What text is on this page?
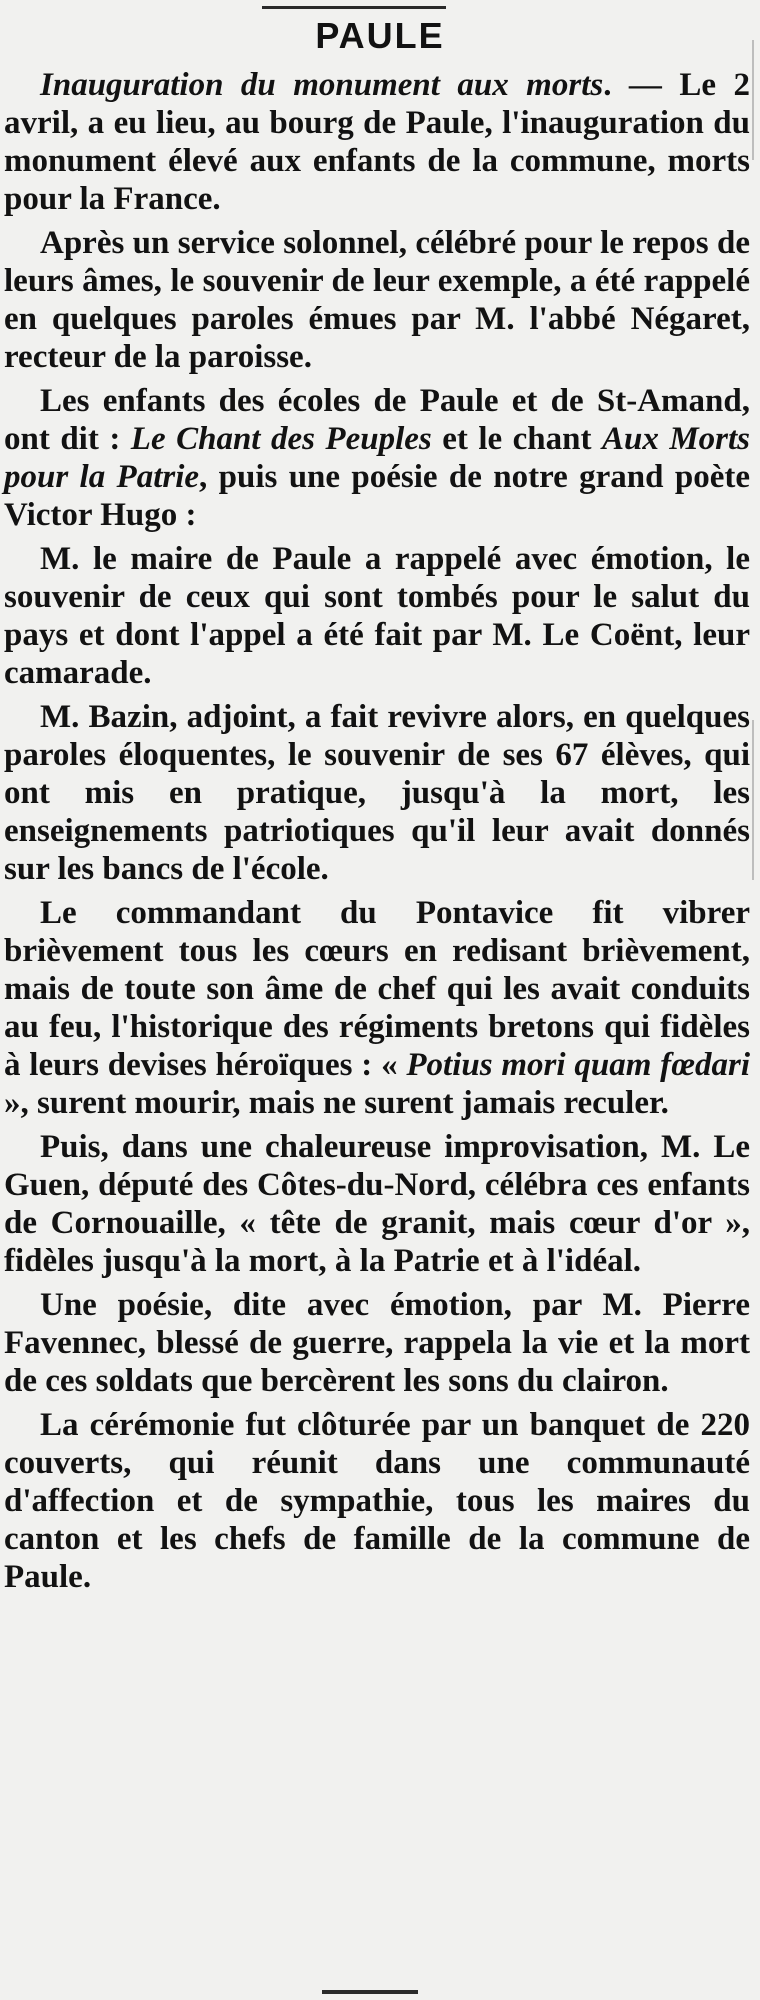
PAULE

Inauguration du monument aux morts. — Le 2 avril, a eu lieu, au bourg de Paule, l'inauguration du monument élevé aux enfants de la commune, morts pour la France.

Après un service solonnel, célébré pour le repos de leurs âmes, le souvenir de leur exemple, a été rappelé en quelques paroles émues par M. l'abbé Négaret, recteur de la paroisse.

Les enfants des écoles de Paule et de St-Amand, ont dit : Le Chant des Peuples et le chant Aux Morts pour la Patrie, puis une poésie de notre grand poète Victor Hugo :

M. le maire de Paule a rappelé avec émotion, le souvenir de ceux qui sont tombés pour le salut du pays et dont l'appel a été fait par M. Le Coënt, leur camarade.

M. Bazin, adjoint, a fait revivre alors, en quelques paroles éloquentes, le souvenir de ses 67 élèves, qui ont mis en pratique, jusqu'à la mort, les enseignements patriotiques qu'il leur avait donnés sur les bancs de l'école.

Le commandant du Pontavice fit vibrer brièvement tous les cœurs en redisant brièvement, mais de toute son âme de chef qui les avait conduits au feu, l'historique des régiments bretons qui fidèles à leurs devises héroïques : « Potius mori quam fœdari », surent mourir, mais ne surent jamais reculer.

Puis, dans une chaleureuse improvisation, M. Le Guen, député des Côtes-du-Nord, célébra ces enfants de Cornouaille, « tête de granit, mais cœur d'or », fidèles jusqu'à la mort, à la Patrie et à l'idéal.

Une poésie, dite avec émotion, par M. Pierre Favennec, blessé de guerre, rappela la vie et la mort de ces soldats que bercèrent les sons du clairon.

La cérémonie fut clôturée par un banquet de 220 couverts, qui réunit dans une communauté d'affection et de sympathie, tous les maires du canton et les chefs de famille de la commune de Paule.
